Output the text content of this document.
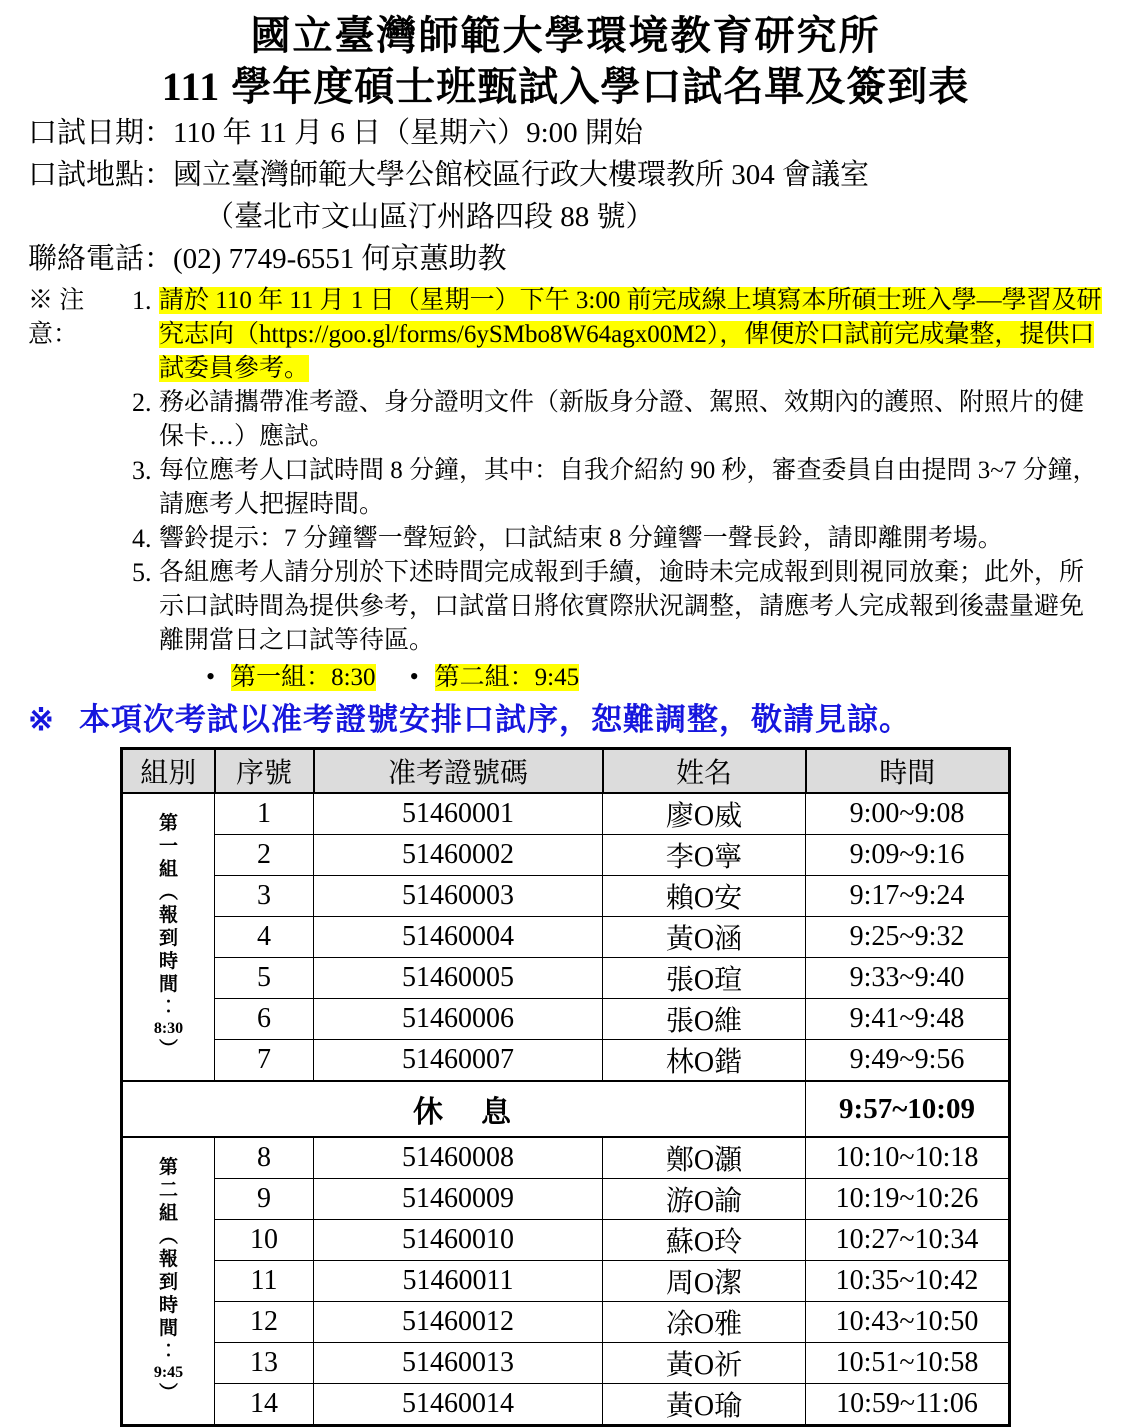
國立臺灣師範大學環境教育研究所
111 學年度碩士班甄試入學口試名單及簽到表

口試日期：110 年 11 月 6 日（星期六）9:00 開始

口試地點：國立臺灣師範大學公館校區行政大樓環教所 304 會議室

（臺北市文山區汀州路四段 88 號）

聯絡電話：(02) 7749-6551 何京蕙助教

※ 注意：
1. 請於 110 年 11 月 1 日（星期一）下午 3:00 前完成線上填寫本所碩士班入學—學習及研究志向（https://goo.gl/forms/6ySMbo8W64agx00M2），俾便於口試前完成彙整，提供口試委員參考。
2. 務必請攜帶准考證、身分證明文件（新版身分證、駕照、效期內的護照、附照片的健保卡…）應試。
3. 每位應考人口試時間 8 分鐘，其中：自我介紹約 90 秒，審查委員自由提問 3~7 分鐘，請應考人把握時間。
4. 響鈴提示：7 分鐘響一聲短鈴，口試結束 8 分鐘響一聲長鈴，請即離開考場。
5. 各組應考人請分別於下述時間完成報到手續，逾時未完成報到則視同放棄；此外，所示口試時間為提供參考，口試當日將依實際狀況調整，請應考人完成報到後盡量避免離開當日之口試等待區。
• 第一組：8:30 • 第二組：9:45

※ 本項次考試以准考證號安排口試序，恕難調整，敬請見諒。

組別	序號	准考證號碼	姓名	時間

第
一
組
︵
報
到
時
間
︰
8:30
︶
	1	51460001	廖Ο威	9:00~9:08
	2	51460002	李Ο寧	9:09~9:16
	3	51460003	賴Ο安	9:17~9:24
	4	51460004	黃Ο涵	9:25~9:32
	5	51460005	張Ο瑄	9:33~9:40
	6	51460006	張Ο維	9:41~9:48
	7	51460007	林Ο鍇	9:49~9:56
休　息				9:57~10:09

第
二
組
︵
報
到
時
間
︰
9:45
︶
	8	51460008	鄭Ο灝	10:10~10:18
	9	51460009	游Ο諭	10:19~10:26
	10	51460010	蘇Ο玲	10:27~10:34
	11	51460011	周Ο潔	10:35~10:42
	12	51460012	凃Ο雅	10:43~10:50
	13	51460013	黃Ο祈	10:51~10:58
	14	51460014	黃Ο瑜	10:59~11:06
